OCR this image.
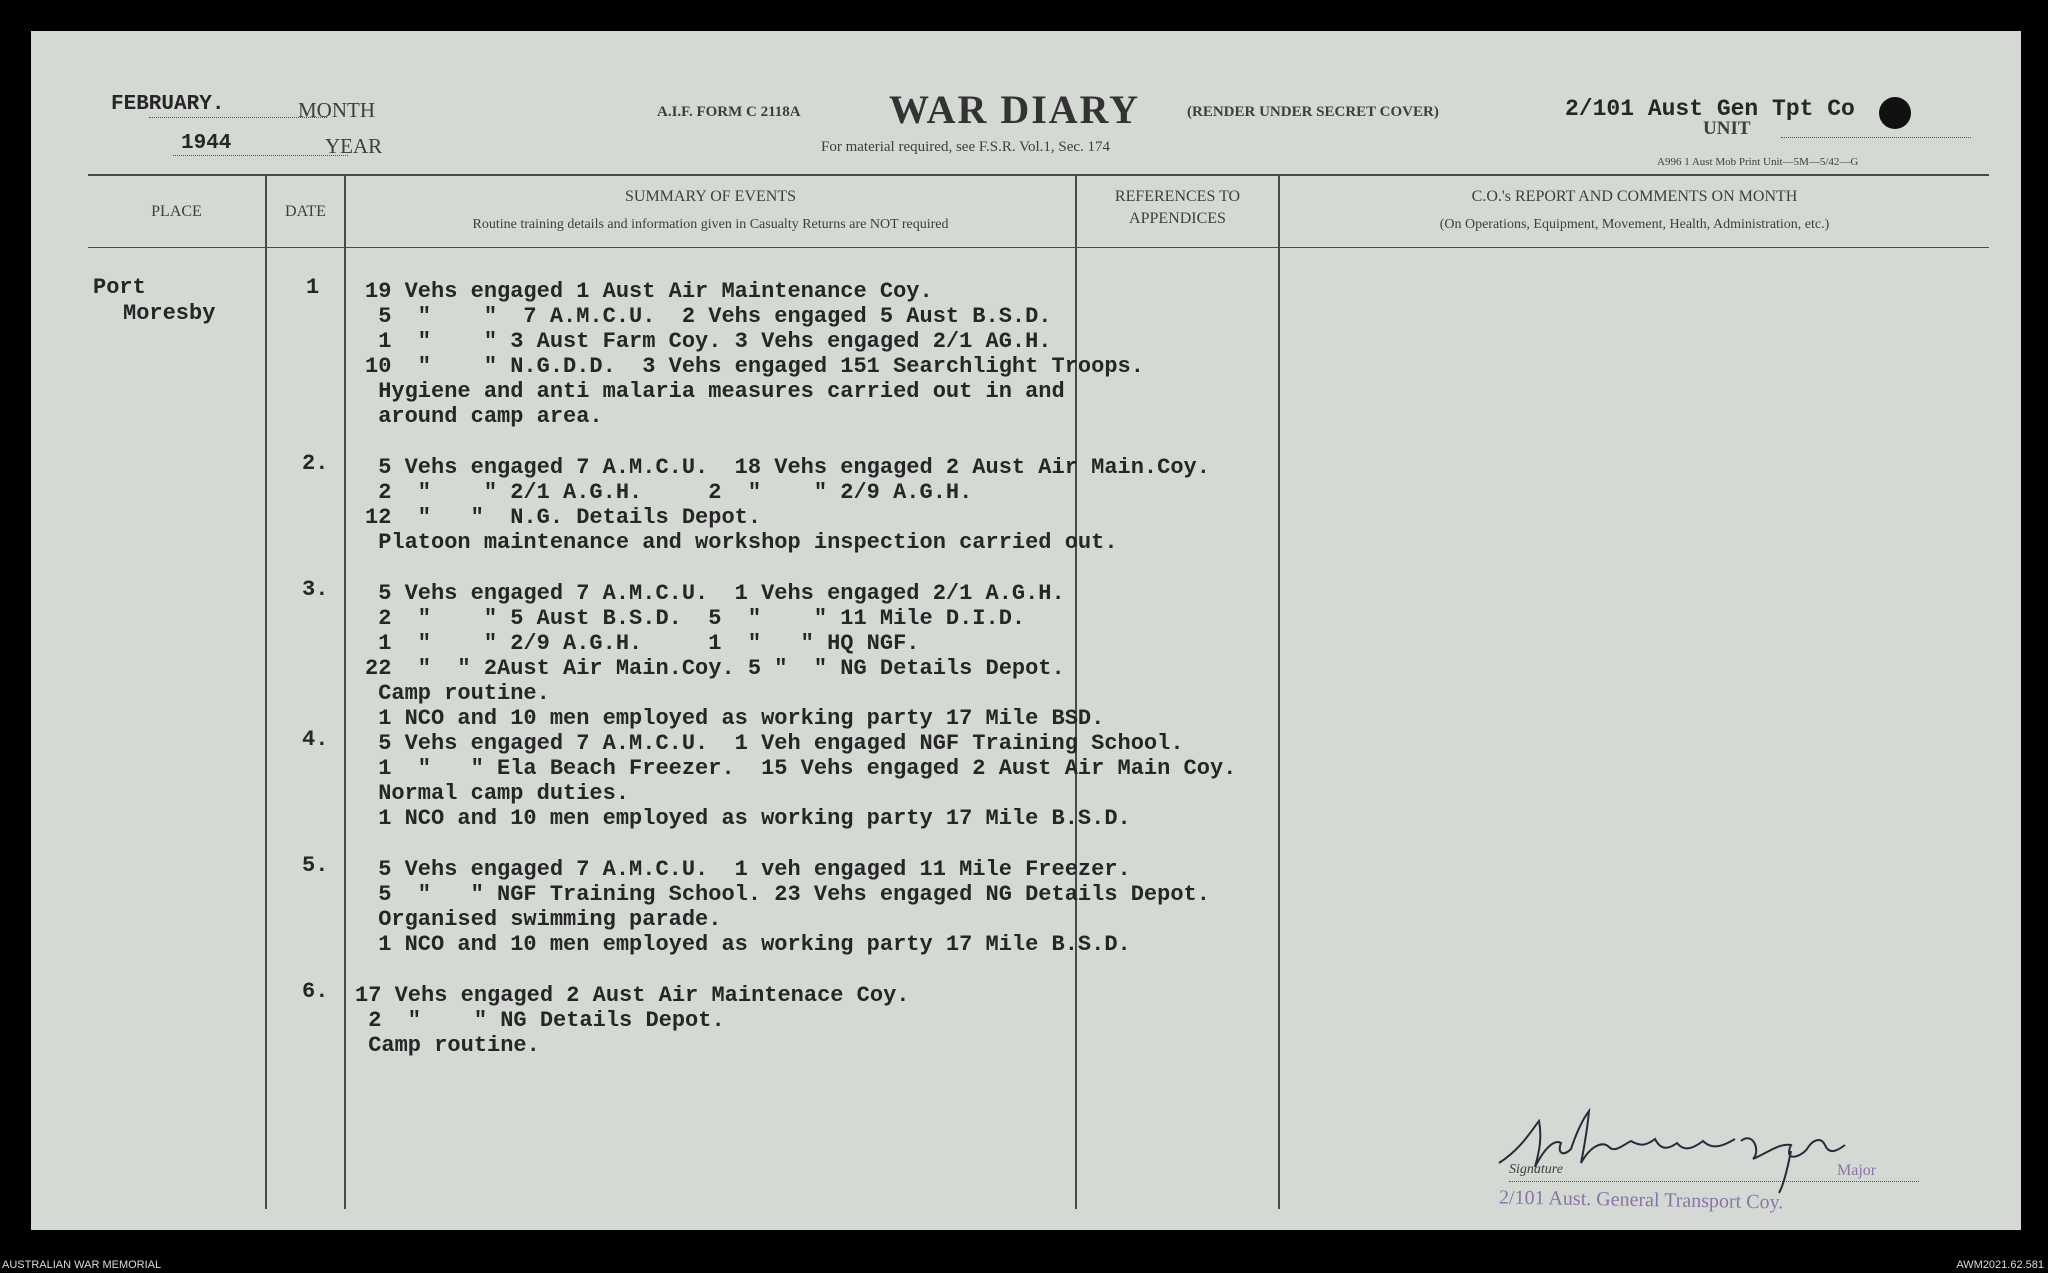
FEBRUARY.	MONTH
1944	YEAR
A.I.F. FORM C 2118A WAR DIARY	(RENDER UNDER SECRET COVER)
For material required, see F.S.R. Vol.1, Sec. 174
2/101 Aust Gen Tpt Co
UNIT
A996 1 Aust Mob Print Unit—5M—5/42—G
PLACE	DATE
SUMMARY OF EVENTS
Routine training details and information given in Casualty Returns are NOT required
REFERENCES TO
APPENDICES
C.O.'s REPORT AND COMMENTS ON MONTH
(On Operations, Equipment, Movement, Health, Administration, etc.)
Port
Moresby
1 19 Vehs engaged 1 Aust Air Maintenance Coy.
5  "    "  7 A.M.C.U.  2 Vehs engaged 5 Aust B.S.D.
1  "    " 3 Aust Farm Coy. 3 Vehs engaged 2/1 AG.H.
10  "    " N.G.D.D.  3 Vehs engaged 151 Searchlight Troops.
Hygiene and anti malaria measures carried out in and
around camp area.
2. 5 Vehs engaged 7 A.M.C.U.  18 Vehs engaged 2 Aust Air Main.Coy.
2  "    " 2/1 A.G.H.     2  "    " 2/9 A.G.H.
12  "   "  N.G. Details Depot.
Platoon maintenance and workshop inspection carried out.
3. 5 Vehs engaged 7 A.M.C.U.  1 Vehs engaged 2/1 A.G.H.
2  "    " 5 Aust B.S.D.  5  "    " 11 Mile D.I.D.
1  "    " 2/9 A.G.H.     1  "   " HQ NGF.
22  "  " 2Aust Air Main.Coy. 5 "  " NG Details Depot.
Camp routine.
1 NCO and 10 men employed as working party 17 Mile BSD.
4. 5 Vehs engaged 7 A.M.C.U.  1 Veh engaged NGF Training School.
1  "   " Ela Beach Freezer.  15 Vehs engaged 2 Aust Air Main Coy.
Normal camp duties.
1 NCO and 10 men employed as working party 17 Mile B.S.D.
5. 5 Vehs engaged 7 A.M.C.U.  1 veh engaged 11 Mile Freezer.
5  "   " NGF Training School. 23 Vehs engaged NG Details Depot.
Organised swimming parade.
1 NCO and 10 men employed as working party 17 Mile B.S.D.
6. 17 Vehs engaged 2 Aust Air Maintenace Coy.
2  "    " NG Details Depot.
Camp routine.
Signature	Major
2/101 Aust. General Transport Coy.
AUSTRALIAN WAR MEMORIAL	AWM2021.62.581
